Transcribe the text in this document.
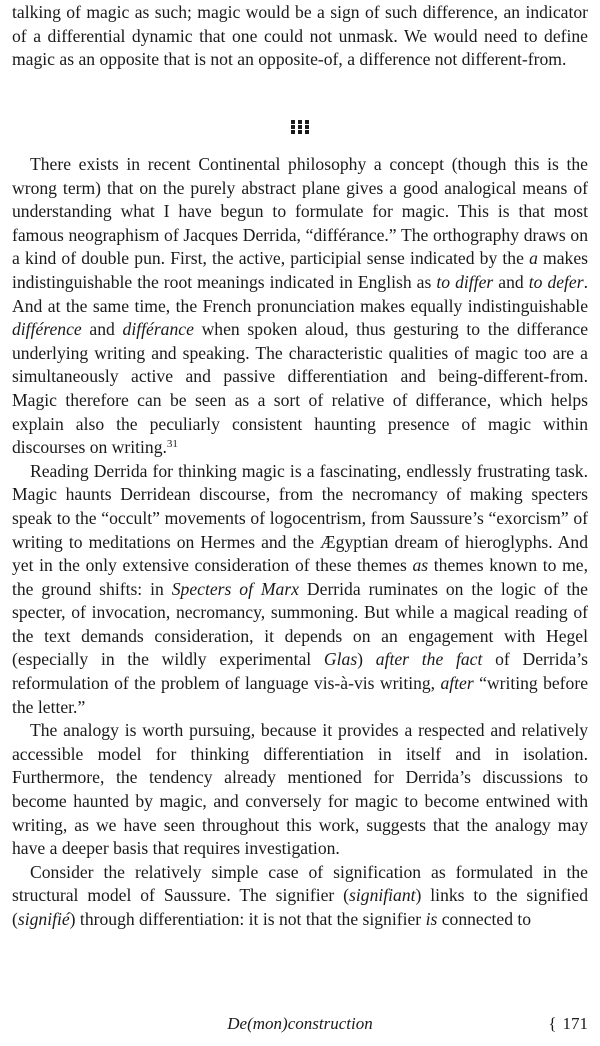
talking of magic as such; magic would be a sign of such difference, an indicator of a differential dynamic that one could not unmask. We would need to define magic as an opposite that is not an opposite-of, a difference not different-from.

There exists in recent Continental philosophy a concept (though this is the wrong term) that on the purely abstract plane gives a good analogical means of understanding what I have begun to formulate for magic. This is that most famous neographism of Jacques Derrida, “différance.” The orthography draws on a kind of double pun. First, the active, participial sense indicated by the a makes indistinguishable the root meanings indicated in English as to differ and to defer. And at the same time, the French pronunciation makes equally indistinguishable différence and différance when spoken aloud, thus gesturing to the differance underlying writing and speaking. The characteristic qualities of magic too are a simultaneously active and passive differentiation and being-different-from. Magic therefore can be seen as a sort of relative of differance, which helps explain also the peculiarly consistent haunting presence of magic within discourses on writing.$^{31}$

Reading Derrida for thinking magic is a fascinating, endlessly frustrating task. Magic haunts Derridean discourse, from the necromancy of making specters speak to the “occult” movements of logocentrism, from Saussure’s “exorcism” of writing to meditations on Hermes and the Ægyptian dream of hieroglyphs. And yet in the only extensive consideration of these themes as themes known to me, the ground shifts: in Specters of Marx Derrida ruminates on the logic of the specter, of invocation, necromancy, summoning. But while a magical reading of the text demands consideration, it depends on an engagement with Hegel (especially in the wildly experimental Glas) after the fact of Derrida’s reformulation of the problem of language vis-à-vis writing, after “writing before the letter.”

The analogy is worth pursuing, because it provides a respected and relatively accessible model for thinking differentiation in itself and in isolation. Furthermore, the tendency already mentioned for Derrida’s discussions to become haunted by magic, and conversely for magic to become entwined with writing, as we have seen throughout this work, suggests that the analogy may have a deeper basis that requires investigation.

Consider the relatively simple case of signification as formulated in the structural model of Saussure. The signifier (signifiant) links to the signified (signifié) through differentiation: it is not that the signifier is connected to

De(mon)construction	{ 171
